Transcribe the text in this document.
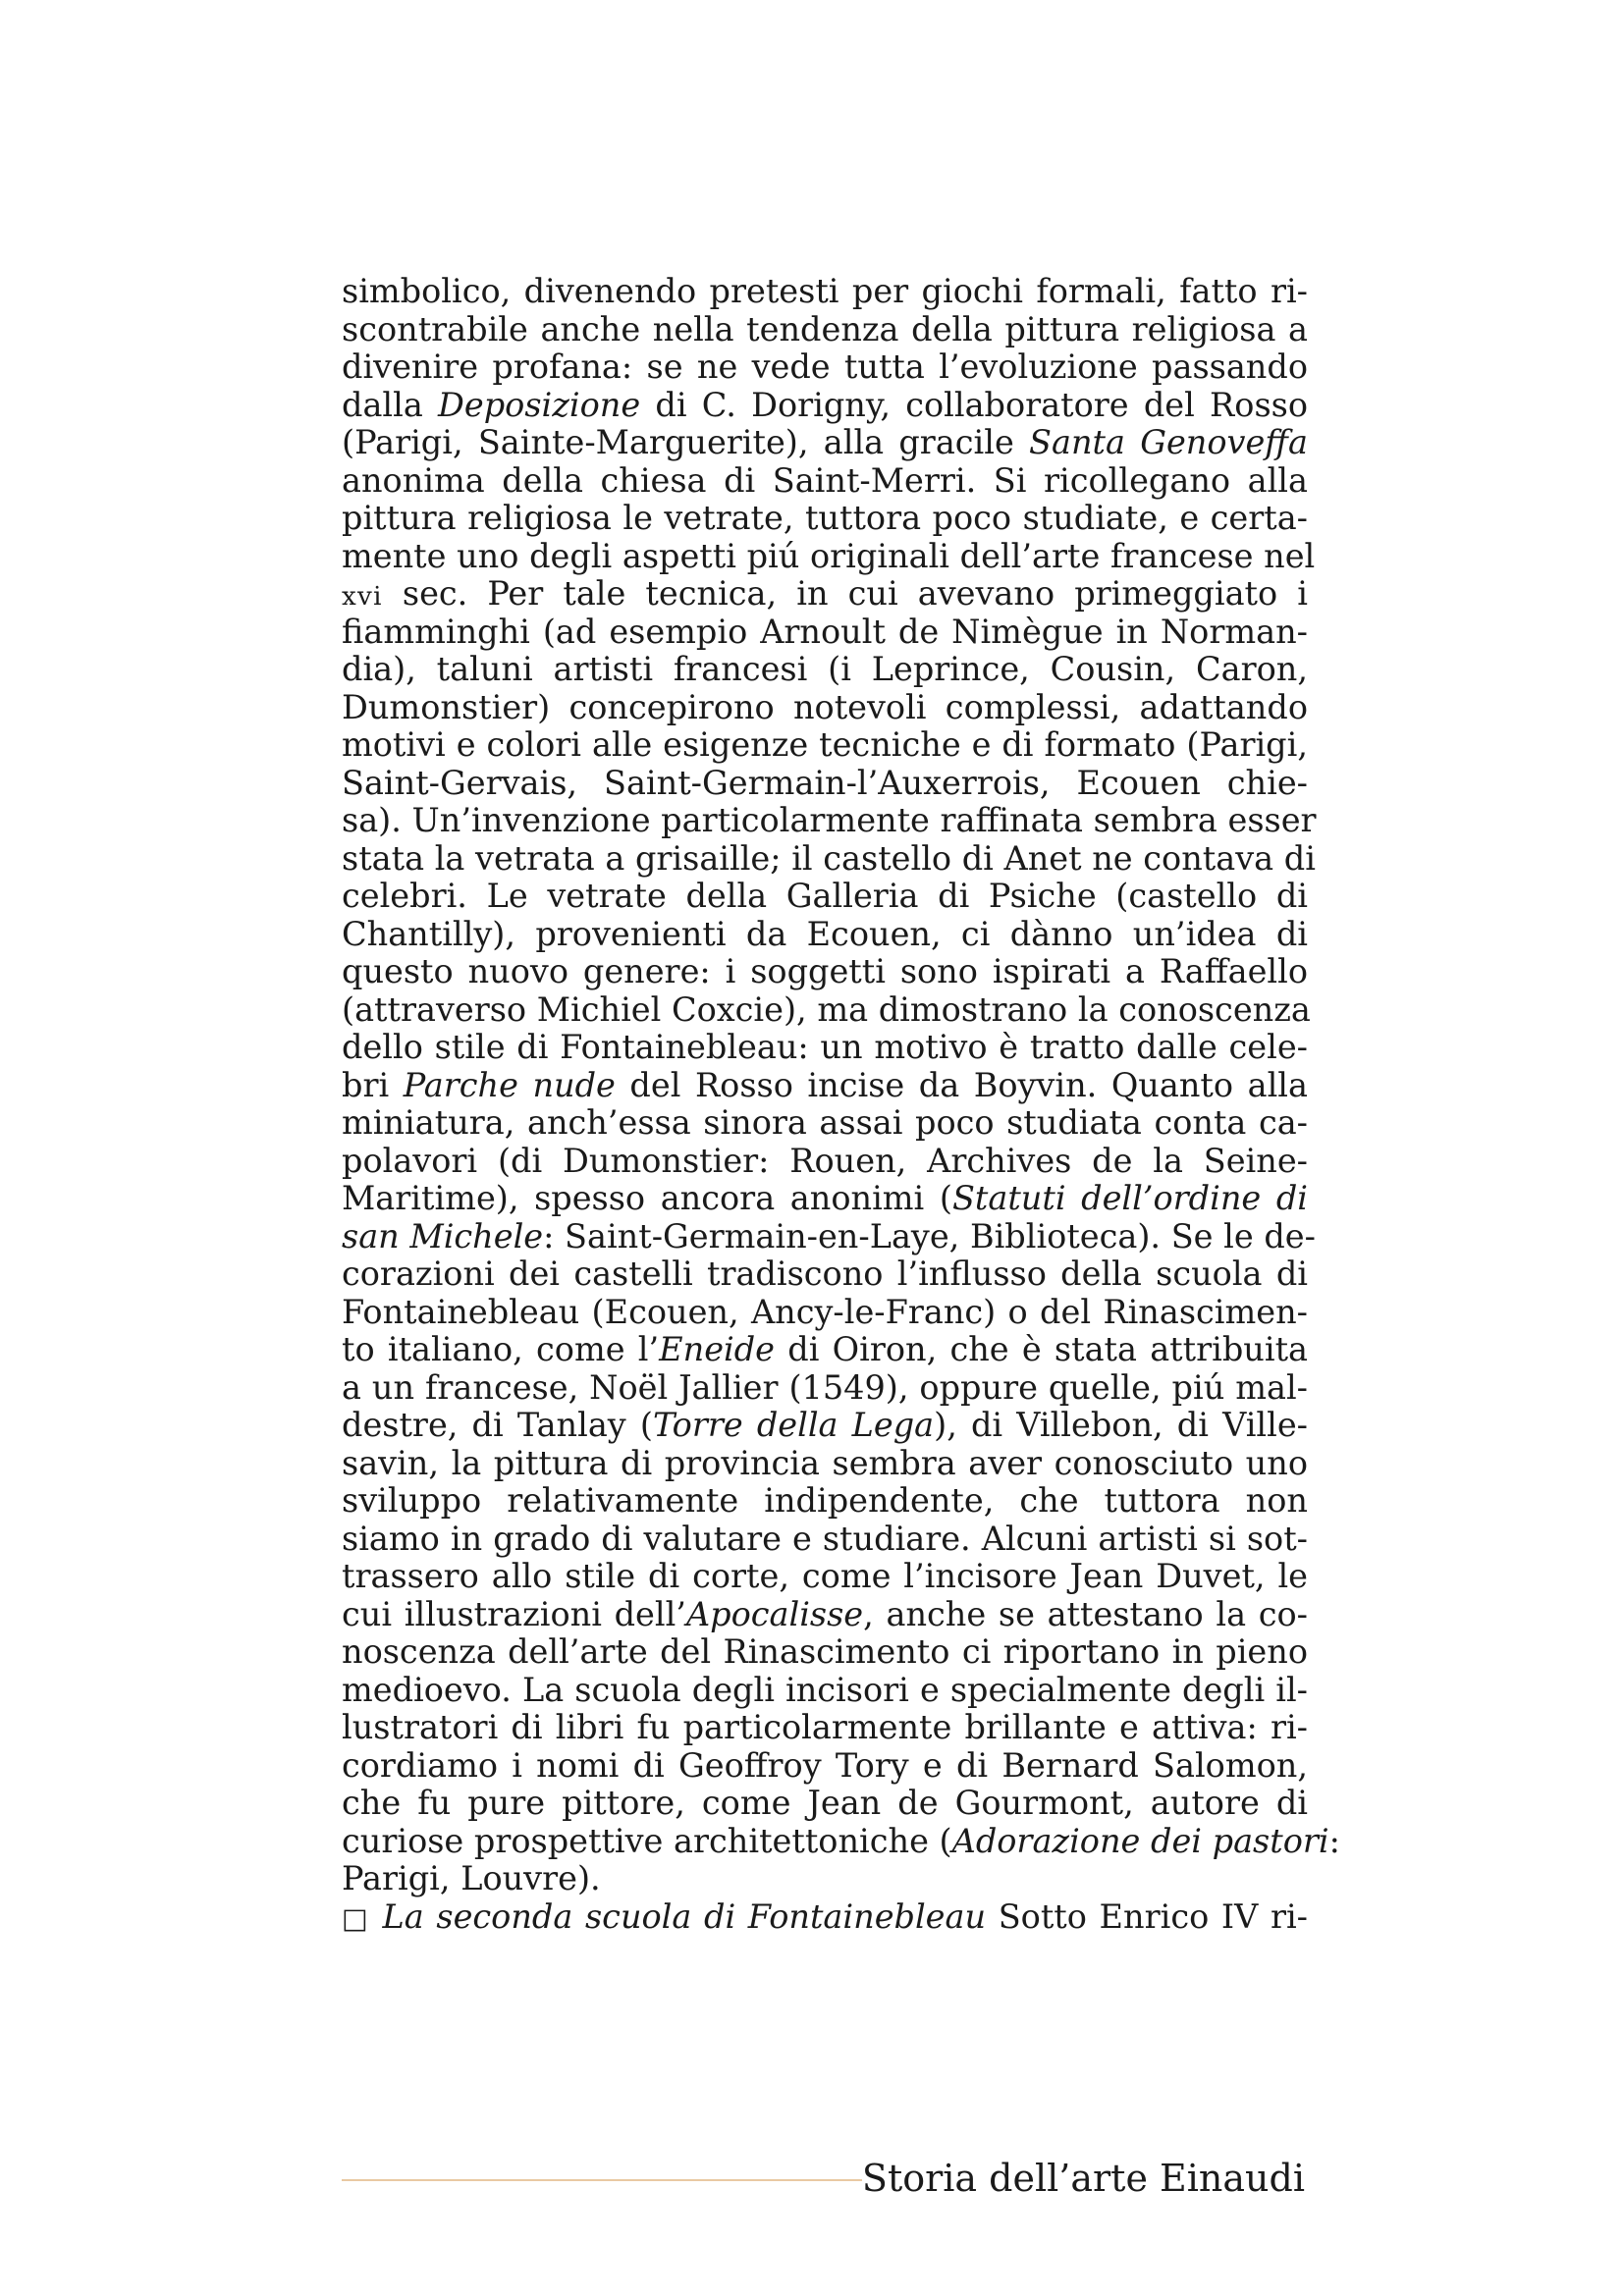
simbolico, divenendo pretesti per giochi formali, fatto ri-
scontrabile anche nella tendenza della pittura religiosa a
divenire profana: se ne vede tutta l’evoluzione passando
dalla Deposizione di C. Dorigny, collaboratore del Rosso
(Parigi, Sainte-Marguerite), alla gracile Santa Genoveffa
anonima della chiesa di Saint-Merri. Si ricollegano alla
pittura religiosa le vetrate, tuttora poco studiate, e certa-
mente uno degli aspetti piú originali dell’arte francese nel
xvi sec. Per tale tecnica, in cui avevano primeggiato i
fiamminghi (ad esempio Arnoult de Nimègue in Norman-
dia), taluni artisti francesi (i Leprince, Cousin, Caron,
Dumonstier) concepirono notevoli complessi, adattando
motivi e colori alle esigenze tecniche e di formato (Parigi,
Saint-Gervais, Saint-Germain-l’Auxerrois, Ecouen chie-
sa). Un’invenzione particolarmente raffinata sembra esser
stata la vetrata a grisaille; il castello di Anet ne contava di
celebri. Le vetrate della Galleria di Psiche (castello di
Chantilly), provenienti da Ecouen, ci dànno un’idea di
questo nuovo genere: i soggetti sono ispirati a Raffaello
(attraverso Michiel Coxcie), ma dimostrano la conoscenza
dello stile di Fontainebleau: un motivo è tratto dalle cele-
bri Parche nude del Rosso incise da Boyvin. Quanto alla
miniatura, anch’essa sinora assai poco studiata conta ca-
polavori (di Dumonstier: Rouen, Archives de la Seine-
Maritime), spesso ancora anonimi (Statuti dell’ordine di
san Michele: Saint-Germain-en-Laye, Biblioteca). Se le de-
corazioni dei castelli tradiscono l’influsso della scuola di
Fontainebleau (Ecouen, Ancy-le-Franc) o del Rinascimen-
to italiano, come l’Eneide di Oiron, che è stata attribuita
a un francese, Noël Jallier (1549), oppure quelle, piú mal-
destre, di Tanlay (Torre della Lega), di Villebon, di Ville-
savin, la pittura di provincia sembra aver conosciuto uno
sviluppo relativamente indipendente, che tuttora non
siamo in grado di valutare e studiare. Alcuni artisti si sot-
trassero allo stile di corte, come l’incisore Jean Duvet, le
cui illustrazioni dell’Apocalisse, anche se attestano la co-
noscenza dell’arte del Rinascimento ci riportano in pieno
medioevo. La scuola degli incisori e specialmente degli il-
lustratori di libri fu particolarmente brillante e attiva: ri-
cordiamo i nomi di Geoffroy Tory e di Bernard Salomon,
che fu pure pittore, come Jean de Gourmont, autore di
curiose prospettive architettoniche (Adorazione dei pastori:
Parigi, Louvre).
□ La seconda scuola di Fontainebleau Sotto Enrico IV ri-
Storia dell’arte Einaudi
